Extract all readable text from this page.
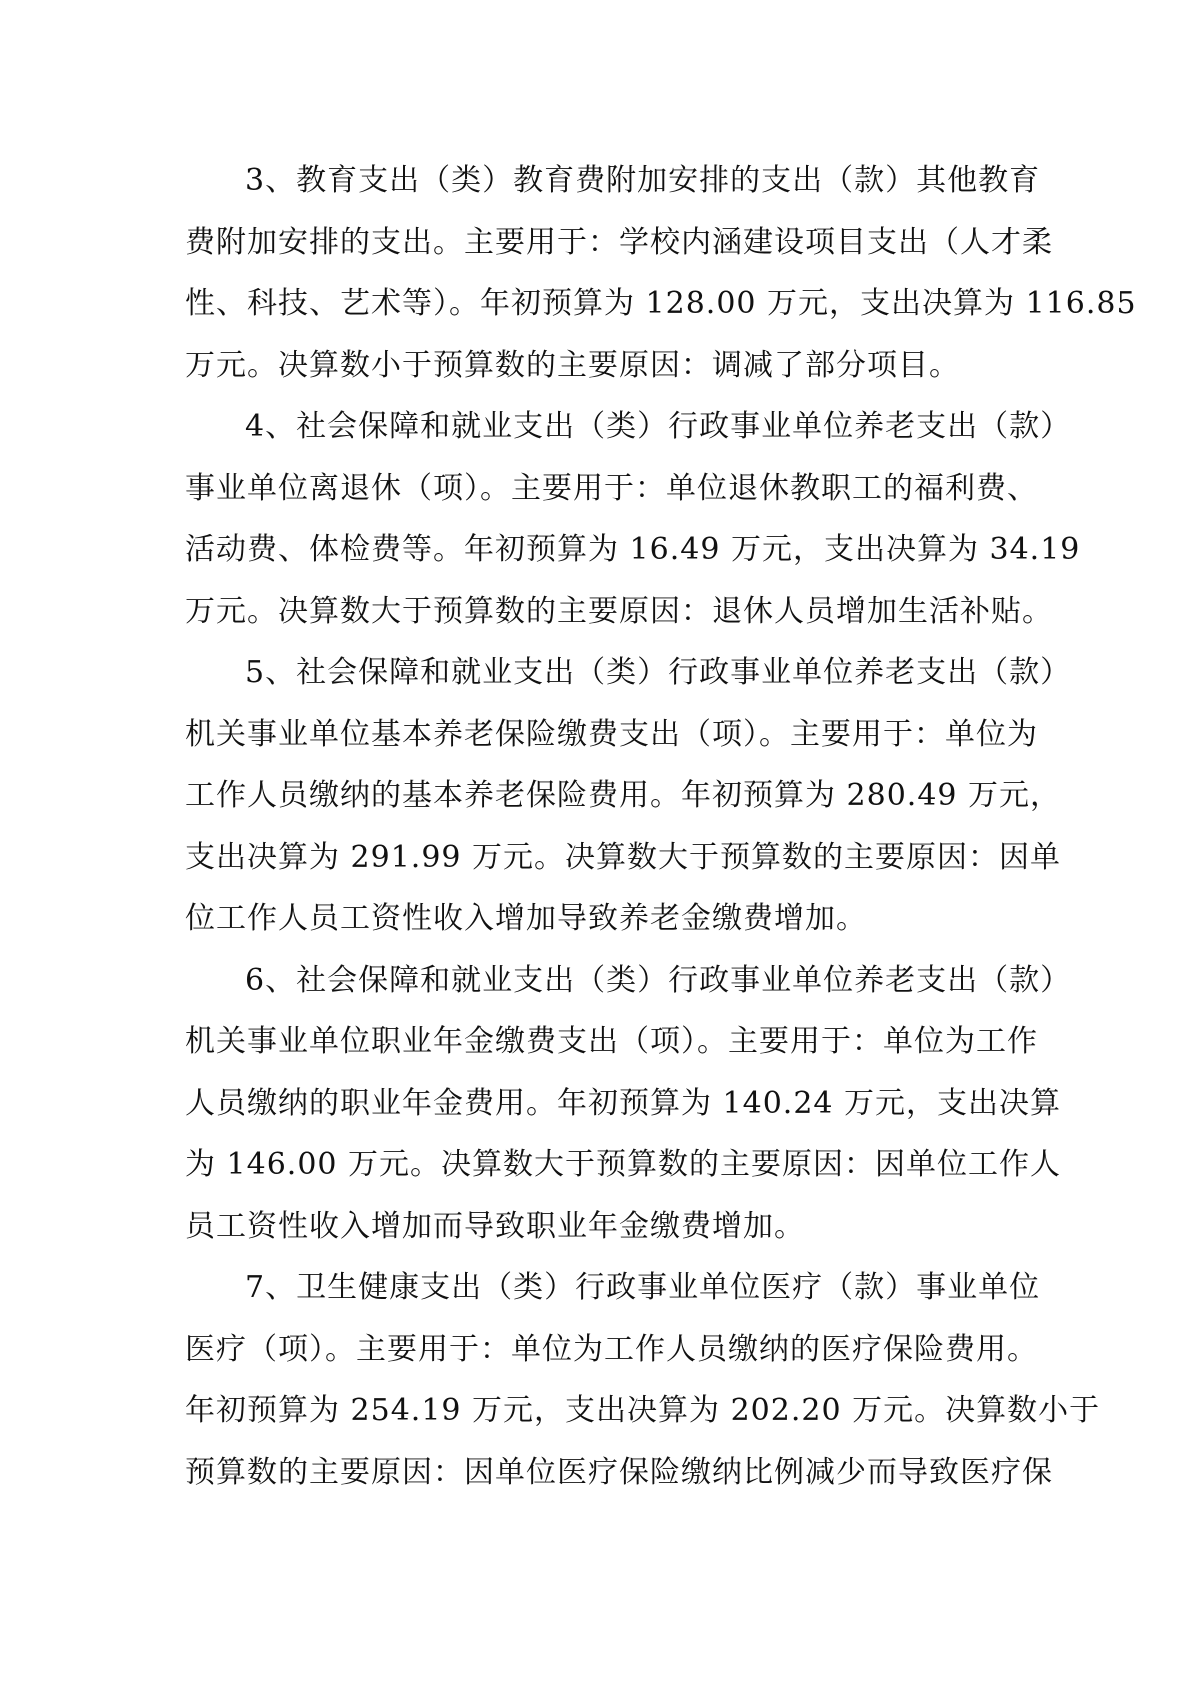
3、教育支出（类）教育费附加安排的支出（款）其他教育
费附加安排的支出。主要用于：学校内涵建设项目支出（人才柔
性、科技、艺术等）。年初预算为 128.00 万元，支出决算为 116.85
万元。决算数小于预算数的主要原因：调减了部分项目。
4、社会保障和就业支出（类）行政事业单位养老支出（款）
事业单位离退休（项）。主要用于：单位退休教职工的福利费、
活动费、体检费等。年初预算为 16.49 万元，支出决算为 34.19
万元。决算数大于预算数的主要原因：退休人员增加生活补贴。
5、社会保障和就业支出（类）行政事业单位养老支出（款）
机关事业单位基本养老保险缴费支出（项）。主要用于：单位为
工作人员缴纳的基本养老保险费用。年初预算为 280.49 万元，
支出决算为 291.99 万元。决算数大于预算数的主要原因：因单
位工作人员工资性收入增加导致养老金缴费增加。
6、社会保障和就业支出（类）行政事业单位养老支出（款）
机关事业单位职业年金缴费支出（项）。主要用于：单位为工作
人员缴纳的职业年金费用。年初预算为 140.24 万元，支出决算
为 146.00 万元。决算数大于预算数的主要原因：因单位工作人
员工资性收入增加而导致职业年金缴费增加。
7、卫生健康支出（类）行政事业单位医疗（款）事业单位
医疗（项）。主要用于：单位为工作人员缴纳的医疗保险费用。
年初预算为 254.19 万元，支出决算为 202.20 万元。决算数小于
预算数的主要原因：因单位医疗保险缴纳比例减少而导致医疗保
